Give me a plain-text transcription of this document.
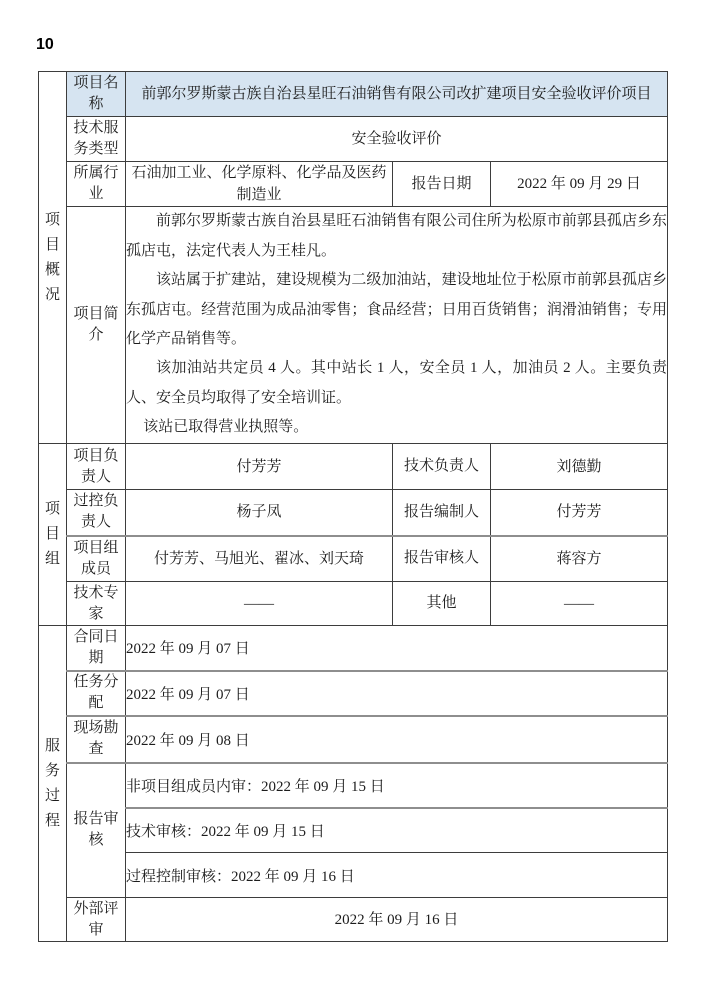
10
项目概况	项目名称	前郭尔罗斯蒙古族自治县星旺石油销售有限公司改扩建项目安全验收评价项目		
	技术服务类型	安全验收评价		
	所属行业	石油加工业、化学原料、化学品及医药制造业	报告日期	2022 年 09 月 29 日
	项目简介	前郭尔罗斯蒙古族自治县星旺石油销售有限公司住所为松原市前郭县孤店乡东孤店屯，法定代表人为王桂凡。

该站属于扩建站，建设规模为二级加油站，建设地址位于松原市前郭县孤店乡东孤店屯。经营范围为成品油零售；食品经营；日用百货销售；润滑油销售；专用化学产品销售等。

该加油站共定员 4 人。其中站长 1 人，安全员 1 人，加油员 2 人。主要负责人、安全员均取得了安全培训证。

该站已取得营业执照等。		

项目组	项目负责人	付芳芳	技术负责人	刘德勤
	过控负责人	杨子凤	报告编制人	付芳芳
	项目组成员	付芳芳、马旭光、翟冰、刘天琦	报告审核人	蒋容方
	技术专家	——	其他	——
服务过程	合同日期	2022 年 09 月 07 日		
	任务分配	2022 年 09 月 07 日		
	现场勘查	2022 年 09 月 08 日		
	报告审核	非项目组成员内审：2022 年 09 月 15 日		
		技术审核：2022 年 09 月 15 日		
		过程控制审核：2022 年 09 月 16 日		
	外部评审	2022 年 09 月 16 日		
